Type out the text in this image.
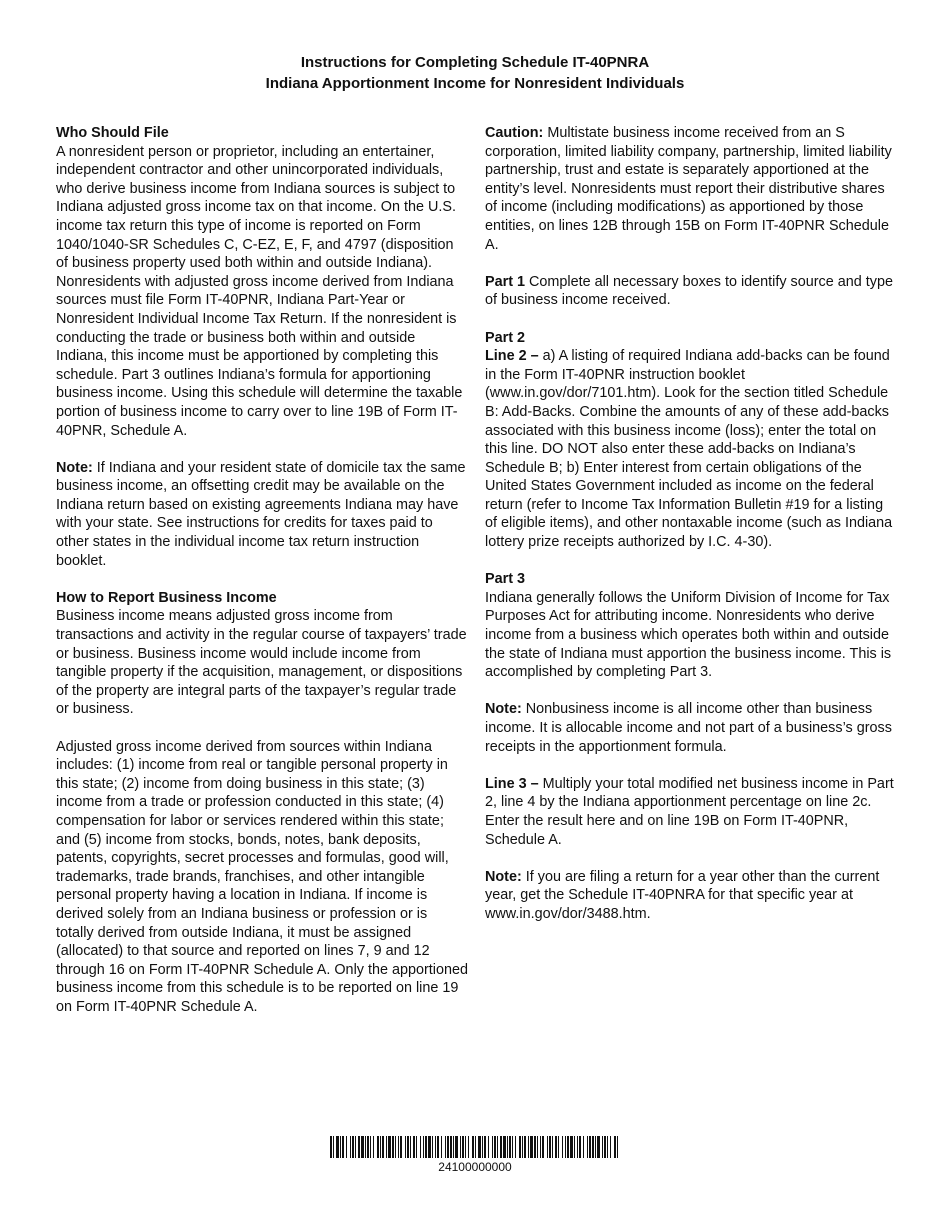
Instructions for Completing Schedule IT-40PNRA
Indiana Apportionment Income for Nonresident Individuals
Who Should File

A nonresident person or proprietor, including an entertainer, independent contractor and other unincorporated individuals, who derive business income from Indiana sources is subject to Indiana adjusted gross income tax on that income. On the U.S. income tax return this type of income is reported on Form 1040/1040-SR Schedules C, C-EZ, E, F, and 4797 (disposition of business property used both within and outside Indiana). Nonresidents with adjusted gross income derived from Indiana sources must file Form IT-40PNR, Indiana Part-Year or Nonresident Individual Income Tax Return. If the nonresident is conducting the trade or business both within and outside Indiana, this income must be apportioned by completing this schedule. Part 3 outlines Indiana’s formula for apportioning business income. Using this schedule will determine the taxable portion of business income to carry over to line 19B of Form IT-40PNR, Schedule A.

Note: If Indiana and your resident state of domicile tax the same business income, an offsetting credit may be available on the Indiana return based on existing agreements Indiana may have with your state. See instructions for credits for taxes paid to other states in the individual income tax return instruction booklet.

How to Report Business Income

Business income means adjusted gross income from transactions and activity in the regular course of taxpayers’ trade or business. Business income would include income from tangible property if the acquisition, management, or dispositions of the property are integral parts of the taxpayer’s regular trade or business.

Adjusted gross income derived from sources within Indiana includes: (1) income from real or tangible personal property in this state; (2) income from doing business in this state; (3) income from a trade or profession conducted in this state; (4) compensation for labor or services rendered within this state; and (5) income from stocks, bonds, notes, bank deposits, patents, copyrights, secret processes and formulas, good will, trademarks, trade brands, franchises, and other intangible personal property having a location in Indiana. If income is derived solely from an Indiana business or profession or is totally derived from outside Indiana, it must be assigned (allocated) to that source and reported on lines 7, 9 and 12 through 16 on Form IT-40PNR Schedule A. Only the apportioned business income from this schedule is to be reported on line 19 on Form IT-40PNR Schedule A.

Caution: Multistate business income received from an S corporation, limited liability company, partnership, limited liability partnership, trust and estate is separately apportioned at the entity’s level. Nonresidents must report their distributive shares of income (including modifications) as apportioned by those entities, on lines 12B through 15B on Form IT-40PNR Schedule A.

Part 1 Complete all necessary boxes to identify source and type of business income received.

Part 2

Line 2 – a) A listing of required Indiana add-backs can be found in the Form IT-40PNR instruction booklet (www.in.gov/dor/7101.htm). Look for the section titled Schedule B: Add-Backs. Combine the amounts of any of these add-backs associated with this business income (loss); enter the total on this line. DO NOT also enter these add-backs on Indiana’s Schedule B; b) Enter interest from certain obligations of the United States Government included as income on the federal return (refer to Income Tax Information Bulletin #19 for a listing of eligible items), and other nontaxable income (such as Indiana lottery prize receipts authorized by I.C. 4-30).

Part 3

Indiana generally follows the Uniform Division of Income for Tax Purposes Act for attributing income. Nonresidents who derive income from a business which operates both within and outside the state of Indiana must apportion the business income. This is accomplished by completing Part 3.

Note: Nonbusiness income is all income other than business income. It is allocable income and not part of a business’s gross receipts in the apportionment formula.

Line 3 – Multiply your total modified net business income in Part 2, line 4 by the Indiana apportionment percentage on line 2c. Enter the result here and on line 19B on Form IT-40PNR, Schedule A.

Note: If you are filing a return for a year other than the current year, get the Schedule IT-40PNRA for that specific year at www.in.gov/dor/3488.htm.

24100000000
